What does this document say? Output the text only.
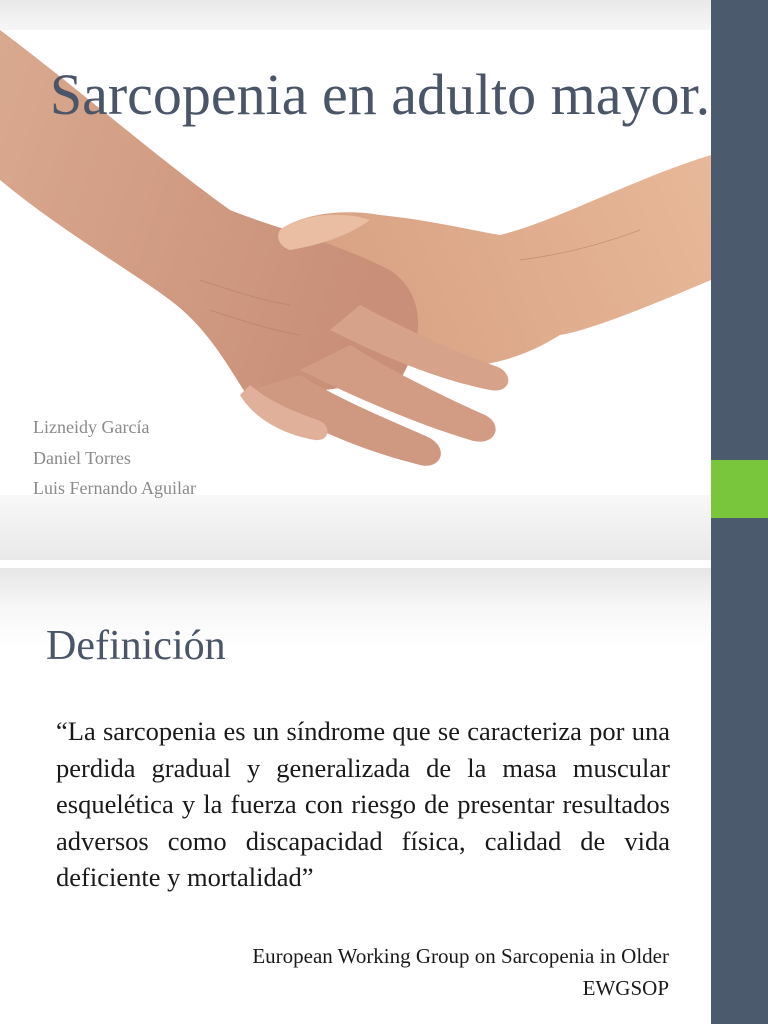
Sarcopenia en adulto mayor.
Lizneidy García
Daniel Torres
Luis Fernando Aguilar
Definición

“La sarcopenia es un síndrome que se caracteriza por una perdida gradual y generalizada de la masa muscular esquelética y la fuerza con riesgo de presentar resultados adversos como discapacidad física, calidad de vida deficiente y mortalidad”

European Working Group on Sarcopenia in Older
EWGSOP
